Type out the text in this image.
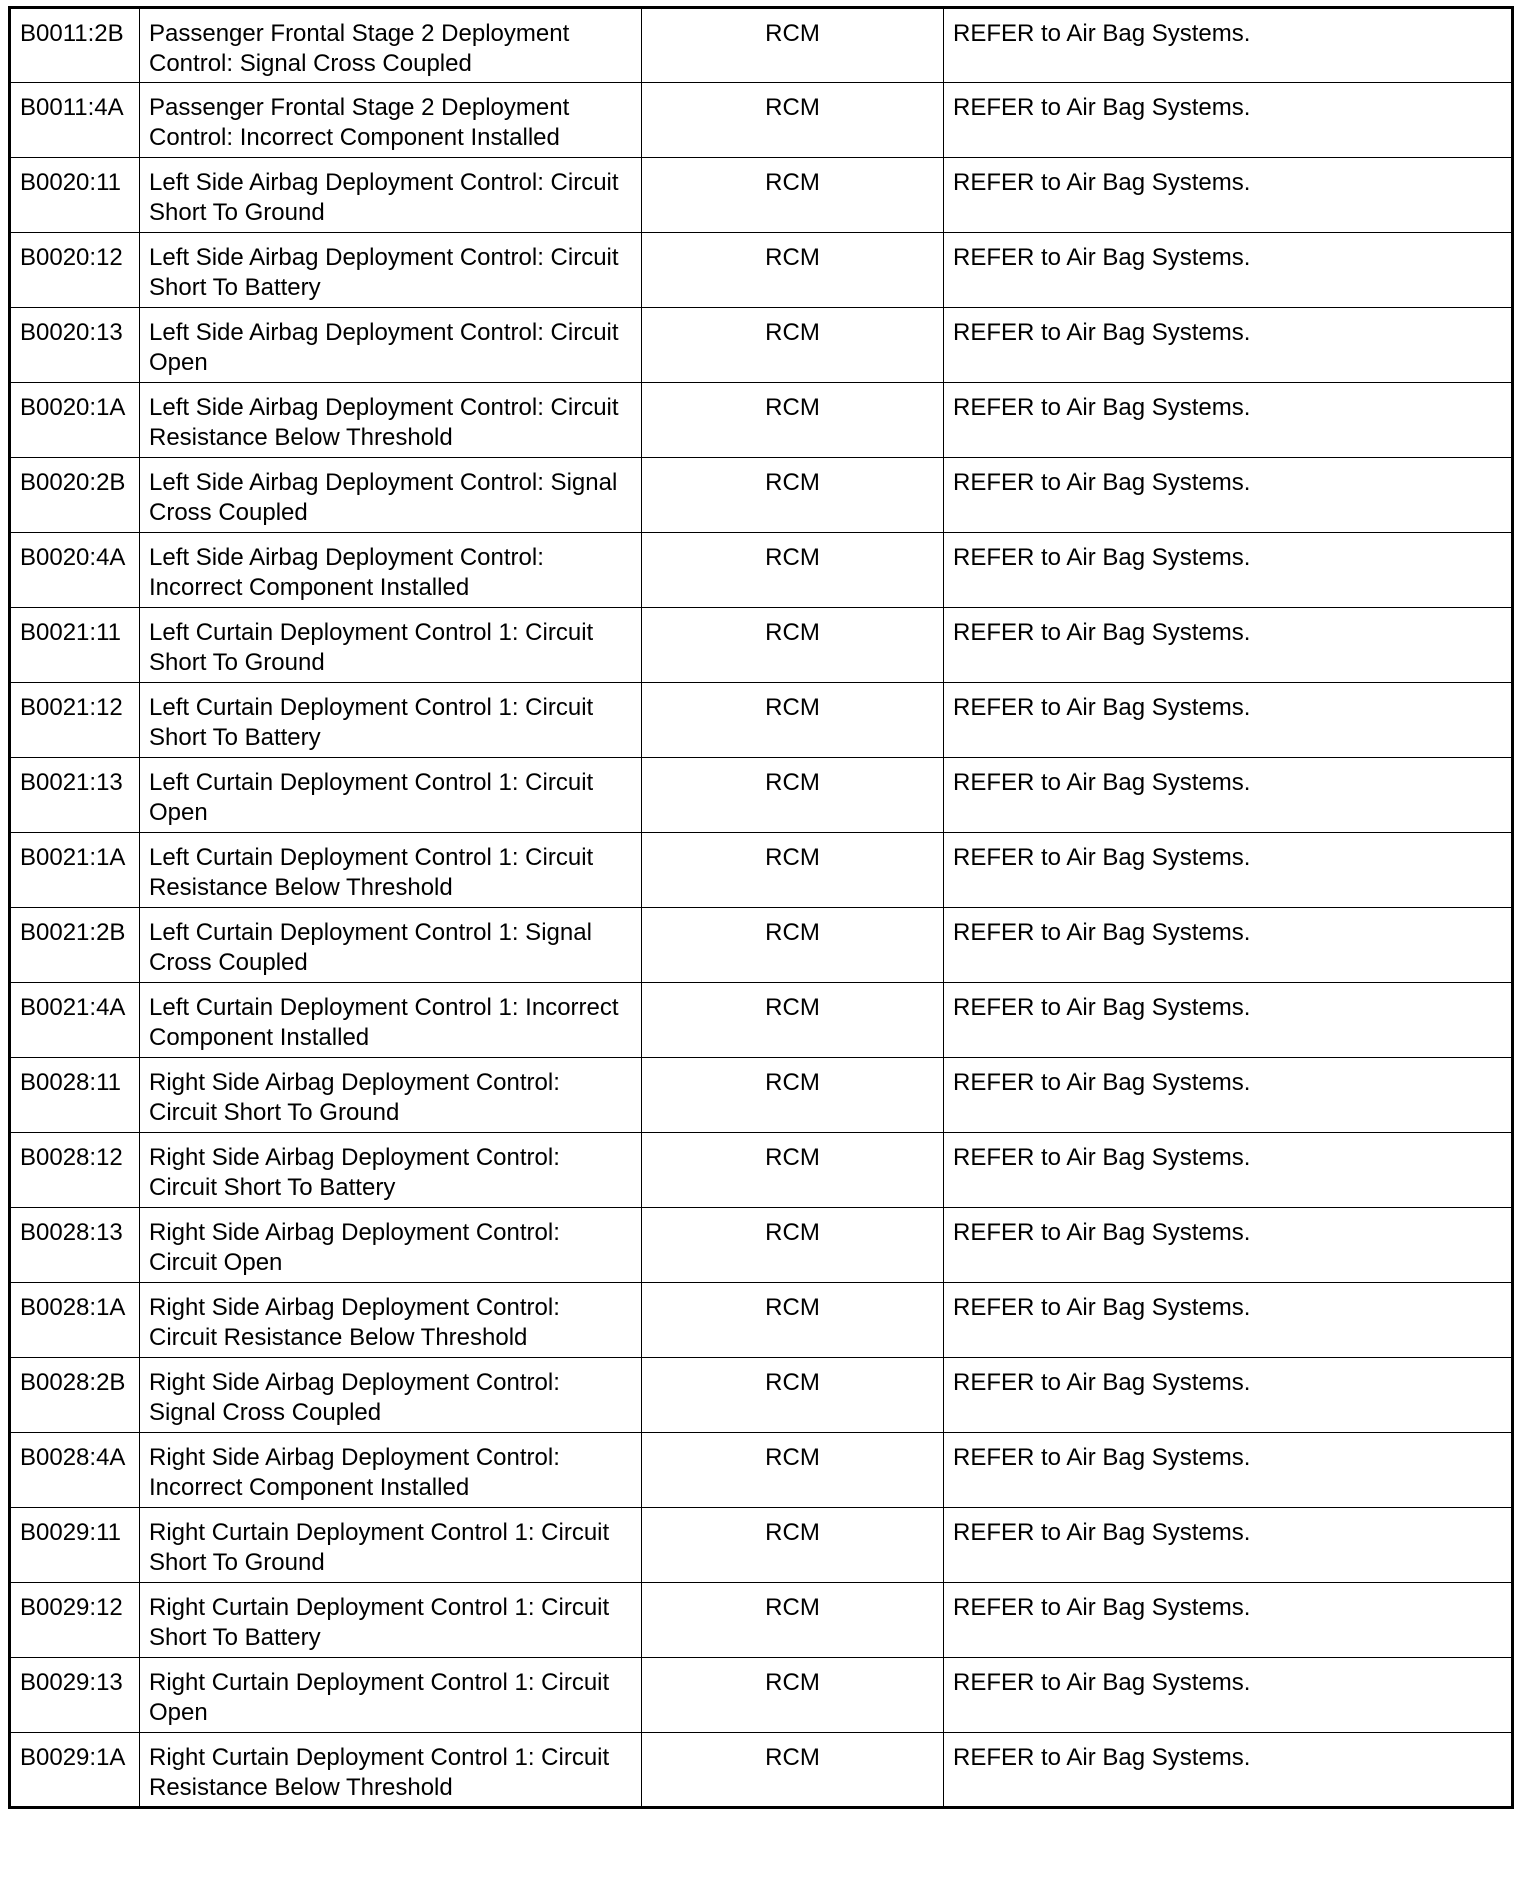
B0011:2B	Passenger Frontal Stage 2 Deployment Control: Signal Cross Coupled	RCM	REFER to Air Bag Systems.
B0011:4A	Passenger Frontal Stage 2 Deployment Control: Incorrect Component Installed	RCM	REFER to Air Bag Systems.
B0020:11	Left Side Airbag Deployment Control: Circuit Short To Ground	RCM	REFER to Air Bag Systems.
B0020:12	Left Side Airbag Deployment Control: Circuit Short To Battery	RCM	REFER to Air Bag Systems.
B0020:13	Left Side Airbag Deployment Control: Circuit Open	RCM	REFER to Air Bag Systems.
B0020:1A	Left Side Airbag Deployment Control: Circuit Resistance Below Threshold	RCM	REFER to Air Bag Systems.
B0020:2B	Left Side Airbag Deployment Control: Signal Cross Coupled	RCM	REFER to Air Bag Systems.
B0020:4A	Left Side Airbag Deployment Control: Incorrect Component Installed	RCM	REFER to Air Bag Systems.
B0021:11	Left Curtain Deployment Control 1: Circuit Short To Ground	RCM	REFER to Air Bag Systems.
B0021:12	Left Curtain Deployment Control 1: Circuit Short To Battery	RCM	REFER to Air Bag Systems.
B0021:13	Left Curtain Deployment Control 1: Circuit Open	RCM	REFER to Air Bag Systems.
B0021:1A	Left Curtain Deployment Control 1: Circuit Resistance Below Threshold	RCM	REFER to Air Bag Systems.
B0021:2B	Left Curtain Deployment Control 1: Signal Cross Coupled	RCM	REFER to Air Bag Systems.
B0021:4A	Left Curtain Deployment Control 1: Incorrect Component Installed	RCM	REFER to Air Bag Systems.
B0028:11	Right Side Airbag Deployment Control: Circuit Short To Ground	RCM	REFER to Air Bag Systems.
B0028:12	Right Side Airbag Deployment Control: Circuit Short To Battery	RCM	REFER to Air Bag Systems.
B0028:13	Right Side Airbag Deployment Control: Circuit Open	RCM	REFER to Air Bag Systems.
B0028:1A	Right Side Airbag Deployment Control: Circuit Resistance Below Threshold	RCM	REFER to Air Bag Systems.
B0028:2B	Right Side Airbag Deployment Control: Signal Cross Coupled	RCM	REFER to Air Bag Systems.
B0028:4A	Right Side Airbag Deployment Control: Incorrect Component Installed	RCM	REFER to Air Bag Systems.
B0029:11	Right Curtain Deployment Control 1: Circuit Short To Ground	RCM	REFER to Air Bag Systems.
B0029:12	Right Curtain Deployment Control 1: Circuit Short To Battery	RCM	REFER to Air Bag Systems.
B0029:13	Right Curtain Deployment Control 1: Circuit Open	RCM	REFER to Air Bag Systems.
B0029:1A	Right Curtain Deployment Control 1: Circuit Resistance Below Threshold	RCM	REFER to Air Bag Systems.
